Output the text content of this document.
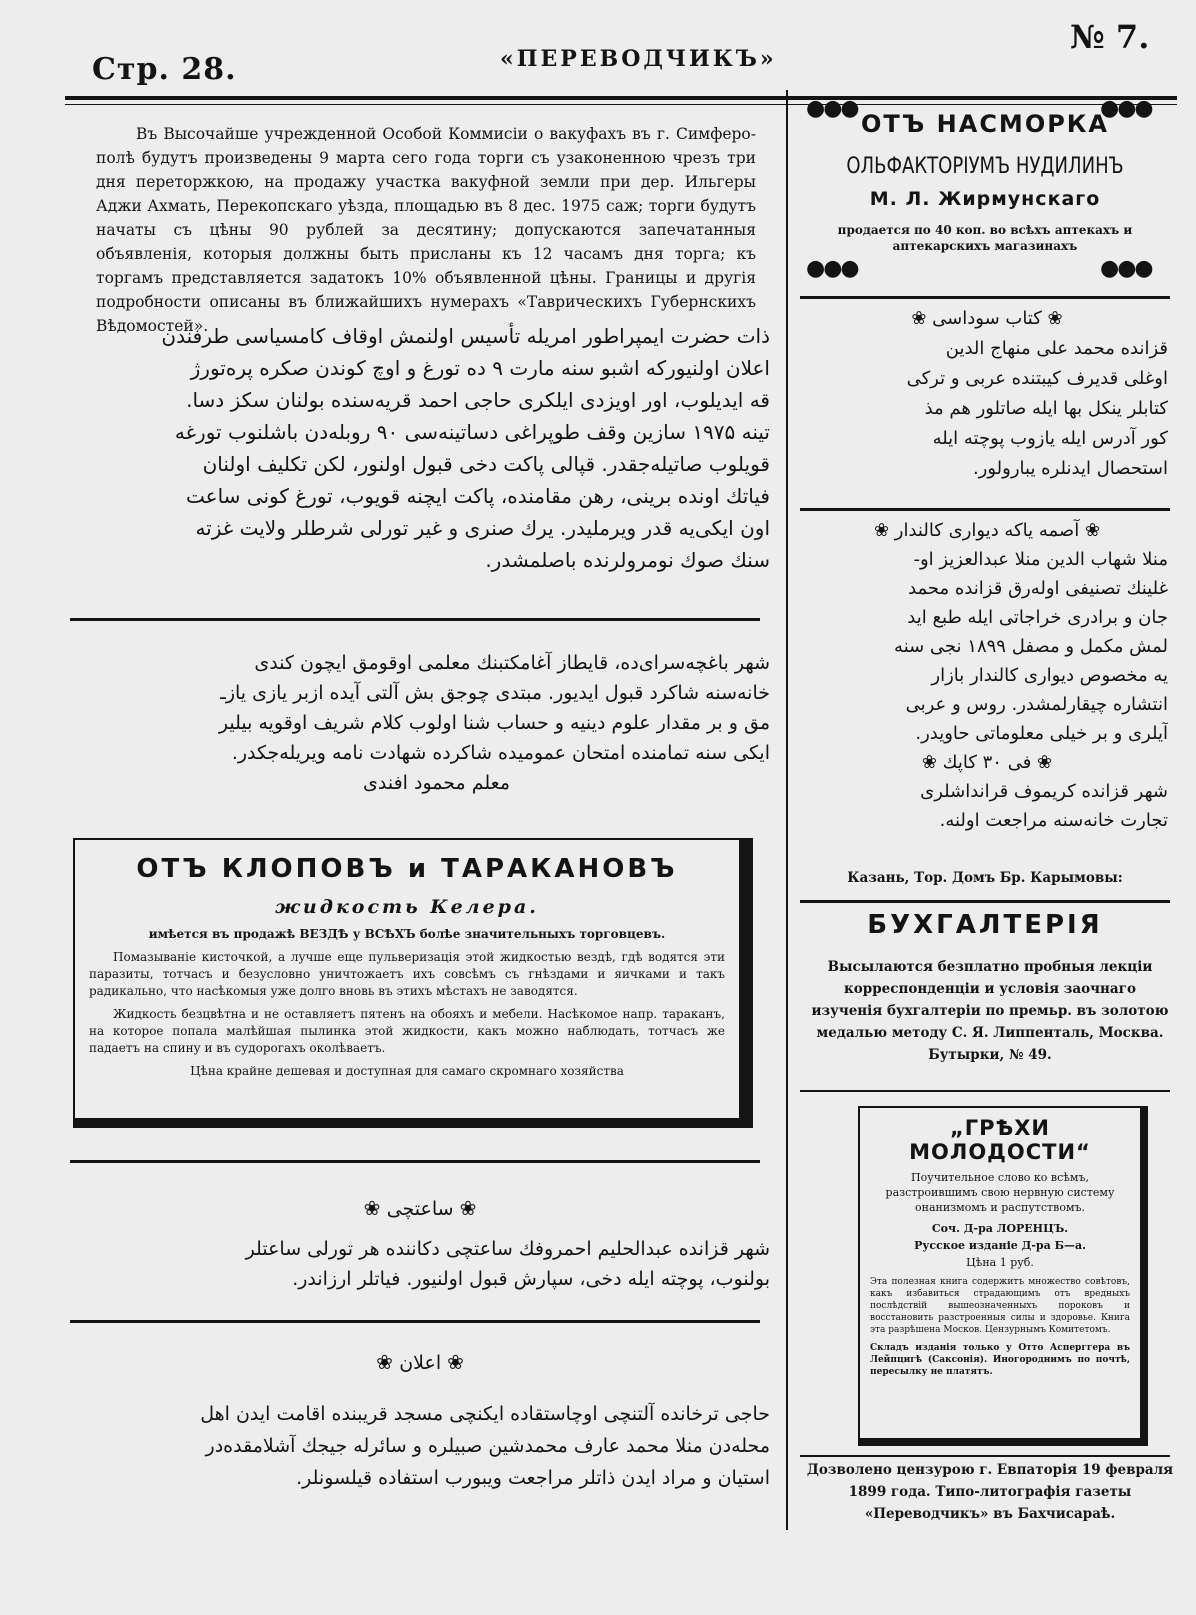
Стр. 28.	«ПЕРЕВОДЧИКЪ»
№ 7.

Въ Высочайше учрежденной Особой Коммисіи о вакуфахъ въ г. Симферо-полѣ будутъ произведены 9 марта сего года торги съ узаконенною чрезъ три дня переторжкою, на продажу участка вакуфной земли при дер. Ильгеры Аджи Ахмать, Перекопскаго уѣзда, площадью въ 8 дес. 1975 саж; торги будутъ начаты съ цѣны 90 рублей за десятину; допускаются запечатанныя объявленія, которыя должны быть присланы къ 12 часамъ дня торга; къ торгамъ представляется задатокъ 10% объявленной цѣны. Границы и другія подробности описаны въ ближайшихъ нумерахъ «Таврическихъ Губернскихъ Вѣдомостей».

ذات حضرت ايمپراطور امريله تأسيس اولنمش اوقاف كامسياسى طرفندن
اعلان اولنيوركه اشبو سنه مارت ۹ ده تورغ و اوچ كوندن صكره پره‌تورژ
قه ايديلوب، اور اويزدى ايلكرى حاجى احمد قريه‌سنده بولنان سكز دسا.
تينه ۱۹۷۵ سازين وقف طوپراغى دساتينه‌سى ۹۰ روبله‌دن باشلنوب تورغه
قويلوب صاتيله‌جقدر. قپالى پاكت دخى قبول اولنور، لكن تكليف اولنان
فياتك اونده برينى، رهن مقامنده، پاكت ايچنه قويوب، تورغ كونى ساعت
اون ايكى‌يه قدر ويرمليدر. يرك صنرى و غير تورلى شرطلر ولايت غزته
سنك صوك نومرولرنده باصلمشدر.
شهر باغچه‌سراى‌ده، قايطاز آغامكتبنك معلمى اوقومق ايچون كندى
خانه‌سنه شاكرد قبول ايديور. مبتدى چوجق بش آلتى آيده ازبر يازى يازـ
مق و بر مقدار علوم دينيه و حساب شنا اولوب كلام شريف اوقويه بيلير
ايكى سنه تمامنده امتحان عموميده شاكرده شهادت نامه ويريله‌جكدر.
معلم محمود افندى
ОТЪ КЛОПОВЪ и ТАРАКАНОВЪ
жидкость Келера.

имѣется въ продажѣ ВЕЗДѢ у ВСѢХЪ болѣе значительныхъ торговцевъ.

Помазываніе кисточкой, а лучше еще пульверизація этой жидкостью вездѣ, гдѣ водятся эти паразиты, тотчасъ и безусловно уничтожаетъ ихъ совсѣмъ съ гнѣздами и яичками и такъ радикально, что насѣкомыя уже долго вновь въ этихъ мѣстахъ не заводятся.

Жидкость безцвѣтна и не оставляетъ пятенъ на обояхъ и мебели. Насѣкомое напр. тараканъ, на которое попала малѣйшая пылинка этой жидкости, какъ можно наблюдать, тотчасъ же падаетъ на спину и въ судорогахъ околѣваетъ.

Цѣна крайне дешевая и доступная для самаго скромнаго хозяйства

❀ ساعتچى ❀
شهر قزانده عبدالحليم احمروفك ساعتچى دكاننده هر تورلى ساعتلر
بولنوب، پوچته ايله دخى، سپارش قبول اولنيور. فياتلر ارزاندر.
❀ اعلان ❀
حاجى ترخانده آلتنچى اوچاستقاده ايكنچى مسجد قريبنده اقامت ايدن اهل
محله‌دن منلا محمد عارف محمدشين صبيلره و سائرله جيجك آشلامقده‌در
استيان و مراد ايدن ذاتلر مراجعت ويبورب استفاده قيلسونلر.
●●●
●●●
●●●
●●●
ОТЪ НАСМОРКА
ОЛЬФАКТОРІУМЪ НУДИЛИНЪ
М. Л. Жирмунскаго
продается по 40 коп. во всѣхъ аптекахъ и аптекарскихъ магазинахъ
❀ كتاب سوداسى ❀
قزانده محمد على منهاج الدين
اوغلى قديرف كيبتنده عربى و تركى
كتابلر ينكل بها ايله صاتلور هم مذ
كور آدرس ايله يازوب پوچته ايله
استحصال ايدنلره يبارولور.
❀ آصمه ياكه ديوارى كالندار ❀
منلا شهاب الدين منلا عبدالعزيز او-
غلينك تصنيفى اوله‌رق قزانده محمد
جان و برادرى خراجاتى ايله طبع ايد
لمش مكمل و مصفل ۱۸۹۹ نجى سنه
يه مخصوص ديوارى كالندار بازار
انتشاره چيقارلمشدر. روس و عربى
آيلرى و بر خيلى معلوماتى حاويدر.
❀ فى ۳۰ كاپك ❀
شهر قزانده كريموف قرانداشلرى
تجارت خانه‌سنه مراجعت اولنه.
Казань, Тор. Домъ Бр. Карымовы:
БУХГАЛТЕРІЯ
Высылаются безплатно пробныя лекціи корреспонденціи и условія заочнаго изученія бухгалтеріи по премьр. въ золотою медалью методу С. Я. Липпенталь, Москва. Бутырки, № 49.
„ГРѢХИ МОЛОДОСТИ“
Поучительное слово ко всѣмъ, разстроившимъ свою нервную систему онанизмомъ и распутствомъ.
Соч. Д-ра ЛОРЕНЦЪ.
Русское изданіе Д-ра Б—а.
Цѣна 1 руб.
Эта полезная книга содержитъ множество совѣтовъ, какъ избавиться страдающимъ отъ вредныхъ послѣдствій вышеозначенныхъ пороковъ и восстановить разстроенныя силы и здоровье. Книга эта разрѣшена Москов. Цензурнымъ Комитетомъ.
Складъ изданія только у Отто Асперггера въ Лейпцигѣ (Саксонія). Иногороднимъ по почтѣ, пересылку не платятъ.
Дозволено цензурою г. Евпаторія 19 февраля 1899 года. Типо-литографія газеты «Переводчикъ» въ Бахчисараѣ.
